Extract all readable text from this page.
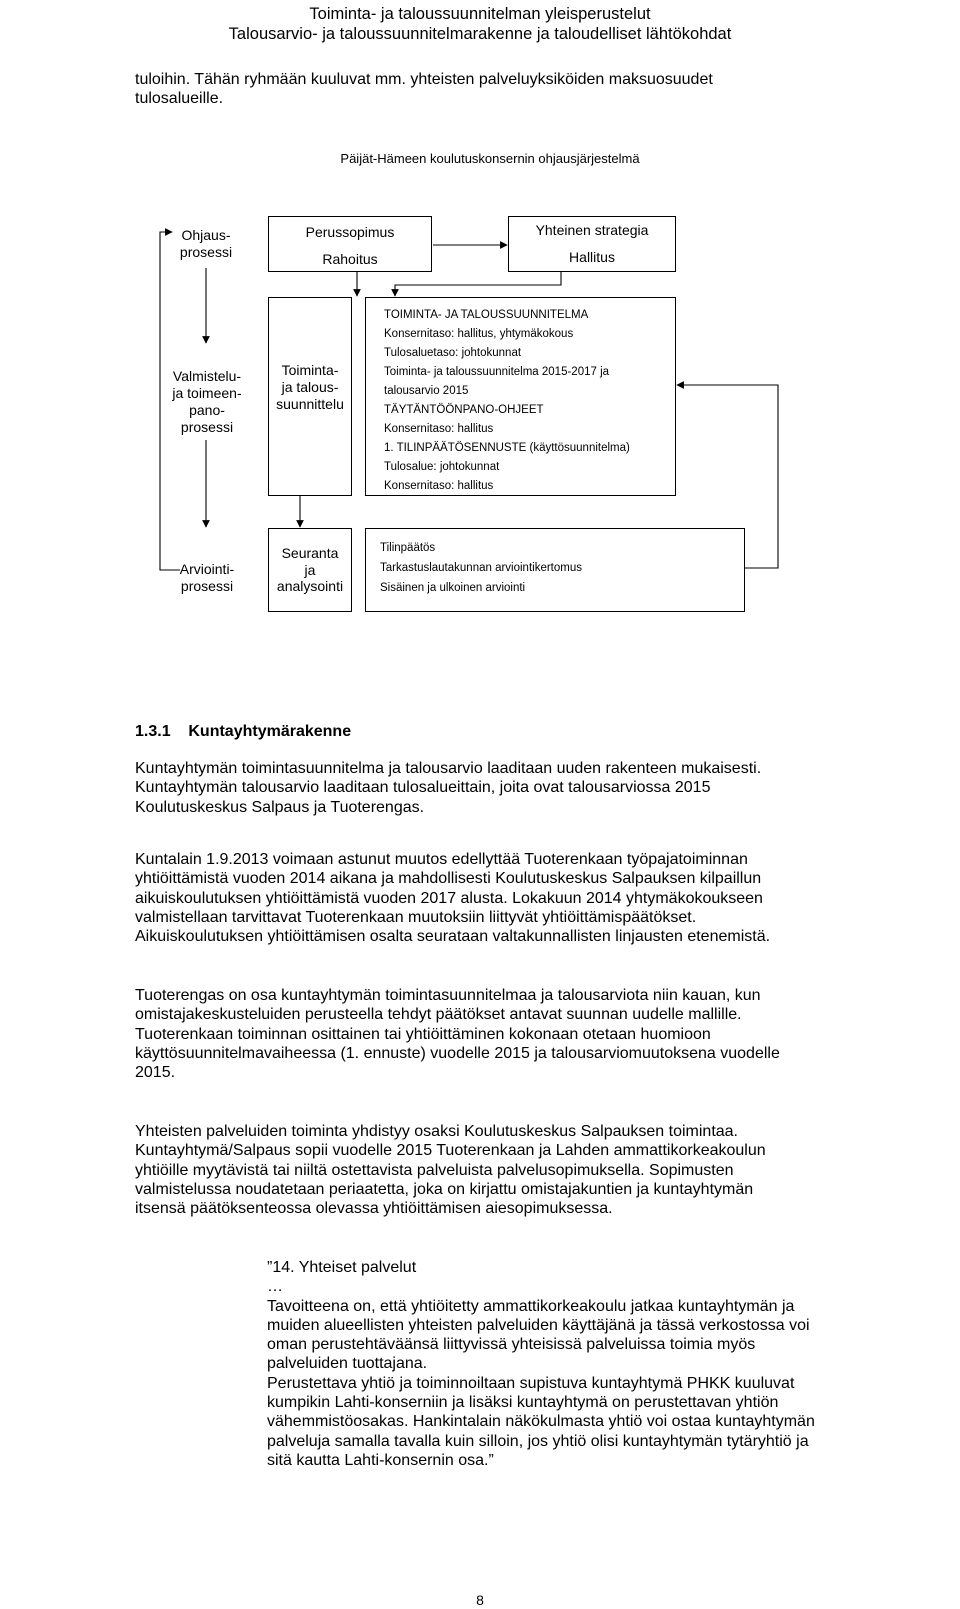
Toiminta- ja taloussuunnitelman yleisperustelut
Talousarvio- ja taloussuunnitelmarakenne ja taloudelliset lähtökohdat
tuloihin. Tähän ryhmään kuuluvat mm. yhteisten palveluyksiköiden maksuosuudet
tulosalueille.
Päijät-Hämeen koulutuskonsernin ohjausjärjestelmä
Ohjaus-
prosessi
Perussopimus
Rahoitus
Yhteinen strategia
Hallitus
Valmistelu-
ja toimeen-
pano-
prosessi
Toiminta-
ja talous-
suunnittelu
TOIMINTA- JA TALOUSSUUNNITELMA
Konsernitaso: hallitus, yhtymäkokous
Tulosaluetaso: johtokunnat
Toiminta- ja taloussuunnitelma 2015-2017 ja
talousarvio 2015
TÄYTÄNTÖÖNPANO-OHJEET
Konsernitaso: hallitus
1. TILINPÄÄTÖSENNUSTE (käyttösuunnitelma)
Tulosalue: johtokunnat
Konsernitaso: hallitus
Arviointi-
prosessi
Seuranta
ja
analysointi
Tilinpäätös
Tarkastuslautakunnan arviointikertomus
Sisäinen ja ulkoinen arviointi
1.3.1 Kuntayhtymärakenne
Kuntayhtymän toimintasuunnitelma ja talousarvio laaditaan uuden rakenteen mukaisesti.
Kuntayhtymän talousarvio laaditaan tulosalueittain, joita ovat talousarviossa 2015
Koulutuskeskus Salpaus ja Tuoterengas.
Kuntalain 1.9.2013 voimaan astunut muutos edellyttää Tuoterenkaan työpajatoiminnan
yhtiöittämistä vuoden 2014 aikana ja mahdollisesti Koulutuskeskus Salpauksen kilpaillun
aikuiskoulutuksen yhtiöittämistä vuoden 2017 alusta. Lokakuun 2014 yhtymäkokoukseen
valmistellaan tarvittavat Tuoterenkaan muutoksiin liittyvät yhtiöittämispäätökset.
Aikuiskoulutuksen yhtiöittämisen osalta seurataan valtakunnallisten linjausten etenemistä.
Tuoterengas on osa kuntayhtymän toimintasuunnitelmaa ja talousarviota niin kauan, kun
omistajakeskusteluiden perusteella tehdyt päätökset antavat suunnan uudelle mallille.
Tuoterenkaan toiminnan osittainen tai yhtiöittäminen kokonaan otetaan huomioon
käyttösuunnitelmavaiheessa (1. ennuste) vuodelle 2015 ja talousarviomuutoksena vuodelle
2015.
Yhteisten palveluiden toiminta yhdistyy osaksi Koulutuskeskus Salpauksen toimintaa.
Kuntayhtymä/Salpaus sopii vuodelle 2015 Tuoterenkaan ja Lahden ammattikorkeakoulun
yhtiöille myytävistä tai niiltä ostettavista palveluista palvelusopimuksella. Sopimusten
valmistelussa noudatetaan periaatetta, joka on kirjattu omistajakuntien ja kuntayhtymän
itsensä päätöksenteossa olevassa yhtiöittämisen aiesopimuksessa.
”14. Yhteiset palvelut
…
Tavoitteena on, että yhtiöitetty ammattikorkeakoulu jatkaa kuntayhtymän ja
muiden alueellisten yhteisten palveluiden käyttäjänä ja tässä verkostossa voi
oman perustehtäväänsä liittyvissä yhteisissä palveluissa toimia myös
palveluiden tuottajana.
Perustettava yhtiö ja toiminnoiltaan supistuva kuntayhtymä PHKK kuuluvat
kumpikin Lahti-konserniin ja lisäksi kuntayhtymä on perustettavan yhtiön
vähemmistöosakas. Hankintalain näkökulmasta yhtiö voi ostaa kuntayhtymän
palveluja samalla tavalla kuin silloin, jos yhtiö olisi kuntayhtymän tytäryhtiö ja
sitä kautta Lahti-konsernin osa.”
8
